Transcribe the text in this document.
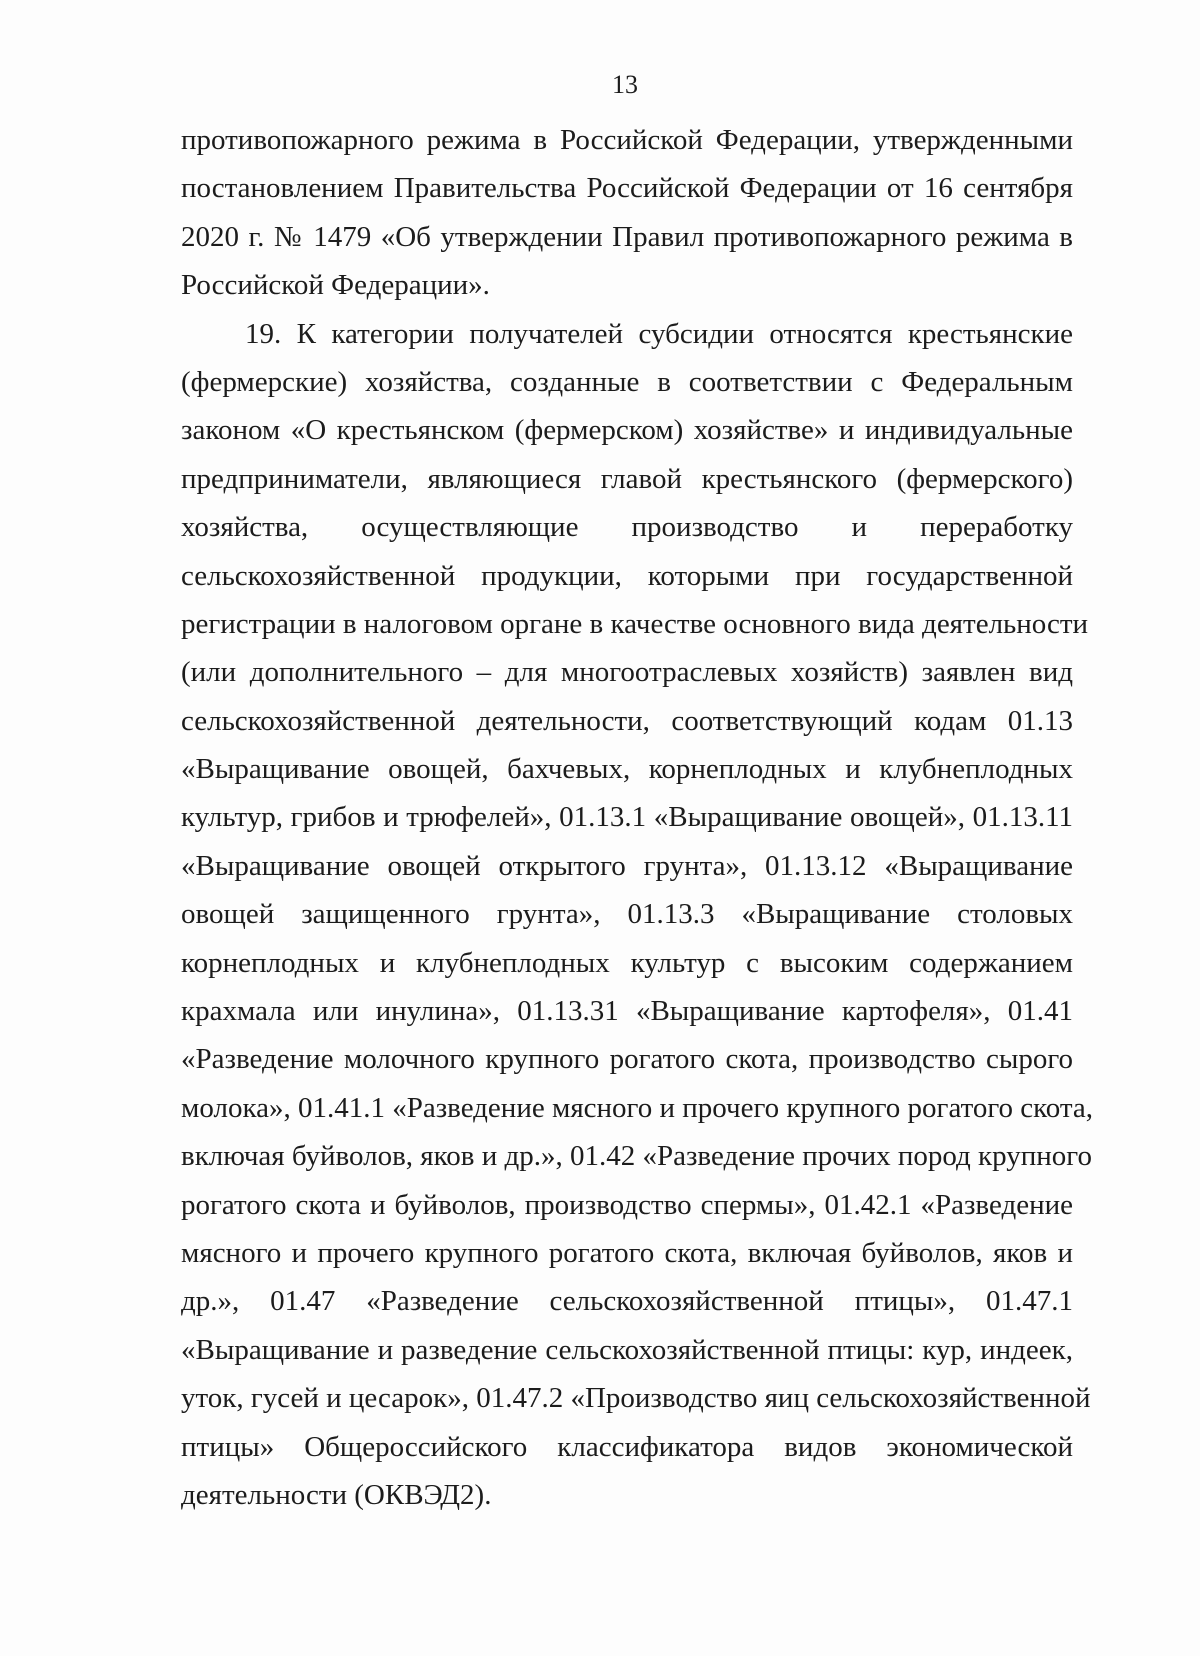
13
противопожарного режима в Российской Федерации, утвержденными
постановлением Правительства Российской Федерации от 16 сентября
2020 г. № 1479 «Об утверждении Правил противопожарного режима в
Российской Федерации».
19. К категории получателей субсидии относятся крестьянские
(фермерские) хозяйства, созданные в соответствии с Федеральным
законом «О крестьянском (фермерском) хозяйстве» и индивидуальные
предприниматели, являющиеся главой крестьянского (фермерского)
хозяйства, осуществляющие производство и переработку
сельскохозяйственной продукции, которыми при государственной
регистрации в налоговом органе в качестве основного вида деятельности
(или дополнительного – для многоотраслевых хозяйств) заявлен вид
сельскохозяйственной деятельности, соответствующий кодам 01.13
«Выращивание овощей, бахчевых, корнеплодных и клубнеплодных
культур, грибов и трюфелей», 01.13.1 «Выращивание овощей», 01.13.11
«Выращивание овощей открытого грунта», 01.13.12 «Выращивание
овощей защищенного грунта», 01.13.3 «Выращивание столовых
корнеплодных и клубнеплодных культур с высоким содержанием
крахмала или инулина», 01.13.31 «Выращивание картофеля», 01.41
«Разведение молочного крупного рогатого скота, производство сырого
молока», 01.41.1 «Разведение мясного и прочего крупного рогатого скота,
включая буйволов, яков и др.», 01.42 «Разведение прочих пород крупного
рогатого скота и буйволов, производство спермы», 01.42.1 «Разведение
мясного и прочего крупного рогатого скота, включая буйволов, яков и
др.», 01.47 «Разведение сельскохозяйственной птицы», 01.47.1
«Выращивание и разведение сельскохозяйственной птицы: кур, индеек,
уток, гусей и цесарок», 01.47.2 «Производство яиц сельскохозяйственной
птицы» Общероссийского классификатора видов экономической
деятельности (ОКВЭД2).
